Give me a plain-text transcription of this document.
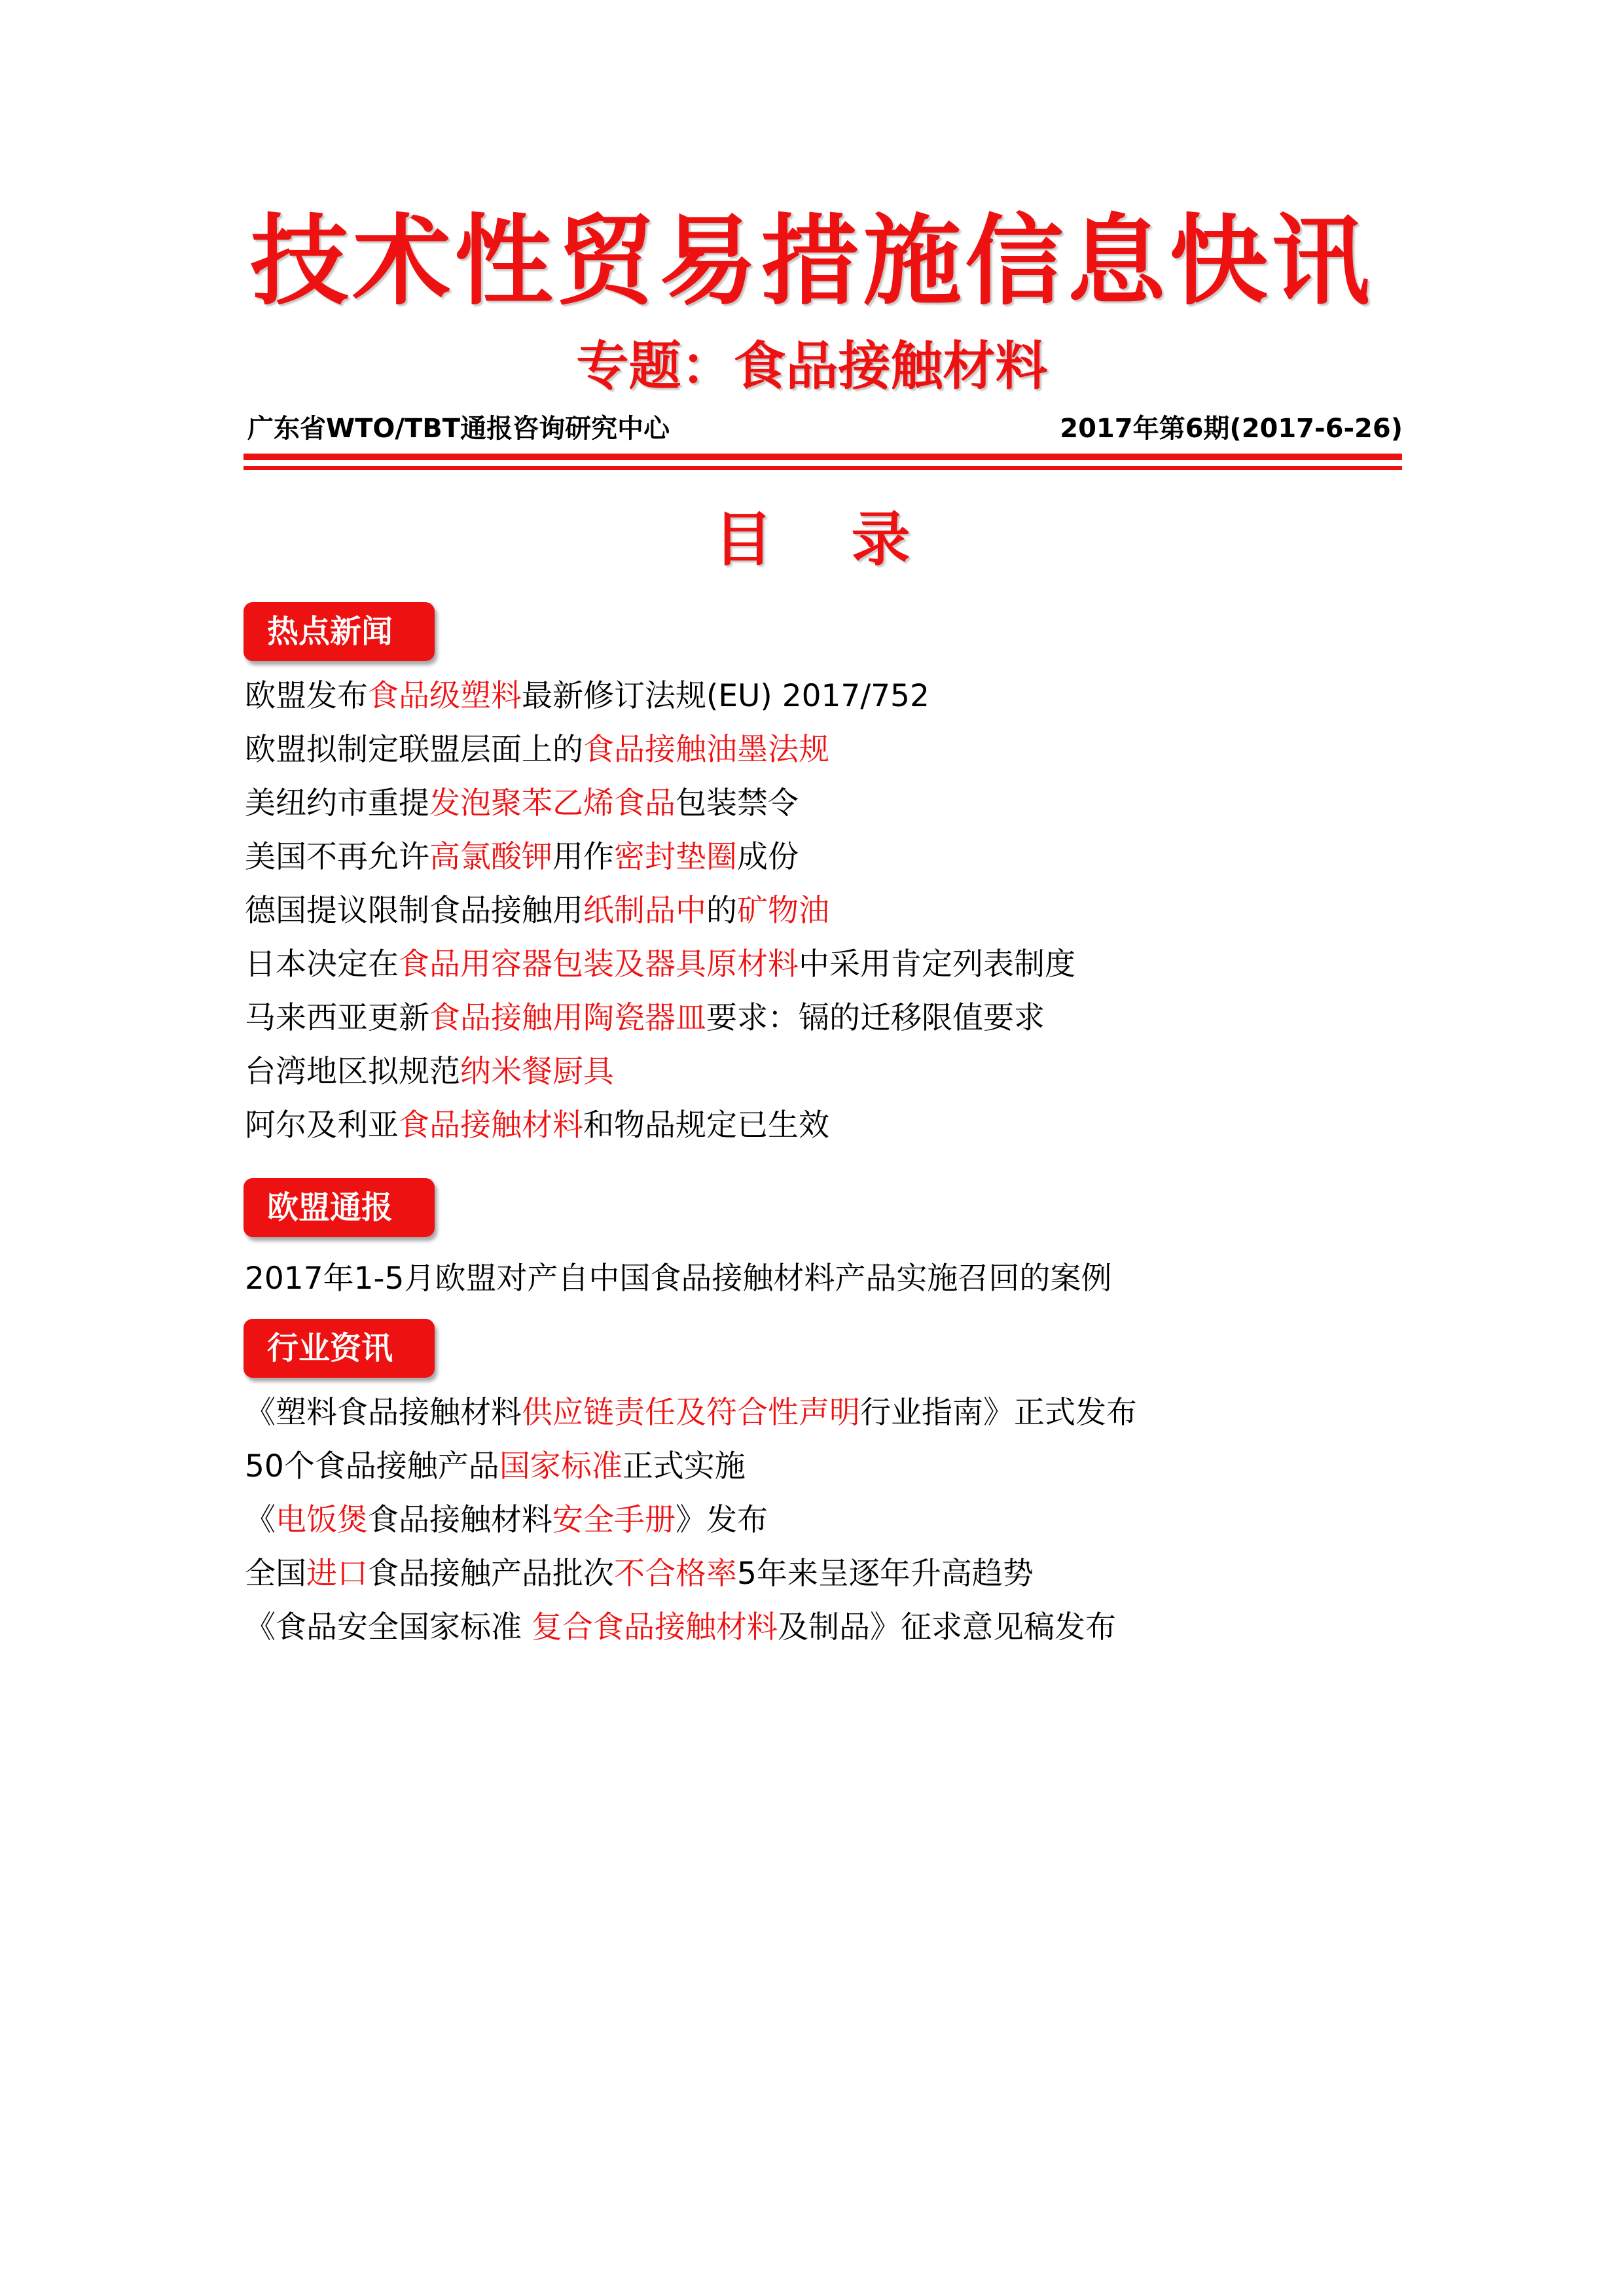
技术性贸易措施信息快讯
专题：食品接触材料
广东省WTO/TBT通报咨询研究中心	2017年第6期(2017-6-26)
目录
热点新闻
欧盟发布食品级塑料最新修订法规(EU) 2017/752
欧盟拟制定联盟层面上的食品接触油墨法规
美纽约市重提发泡聚苯乙烯食品包装禁令
美国不再允许高氯酸钾用作密封垫圈成份
德国提议限制食品接触用纸制品中的矿物油
日本决定在食品用容器包装及器具原材料中采用肯定列表制度
马来西亚更新食品接触用陶瓷器皿要求：镉的迁移限值要求
台湾地区拟规范纳米餐厨具
阿尔及利亚食品接触材料和物品规定已生效
欧盟通报
2017年1-5月欧盟对产自中国食品接触材料产品实施召回的案例
行业资讯
《塑料食品接触材料供应链责任及符合性声明行业指南》正式发布
50个食品接触产品国家标准正式实施
《电饭煲食品接触材料安全手册》发布
全国进口食品接触产品批次不合格率5年来呈逐年升高趋势
《食品安全国家标准 复合食品接触材料及制品》征求意见稿发布
